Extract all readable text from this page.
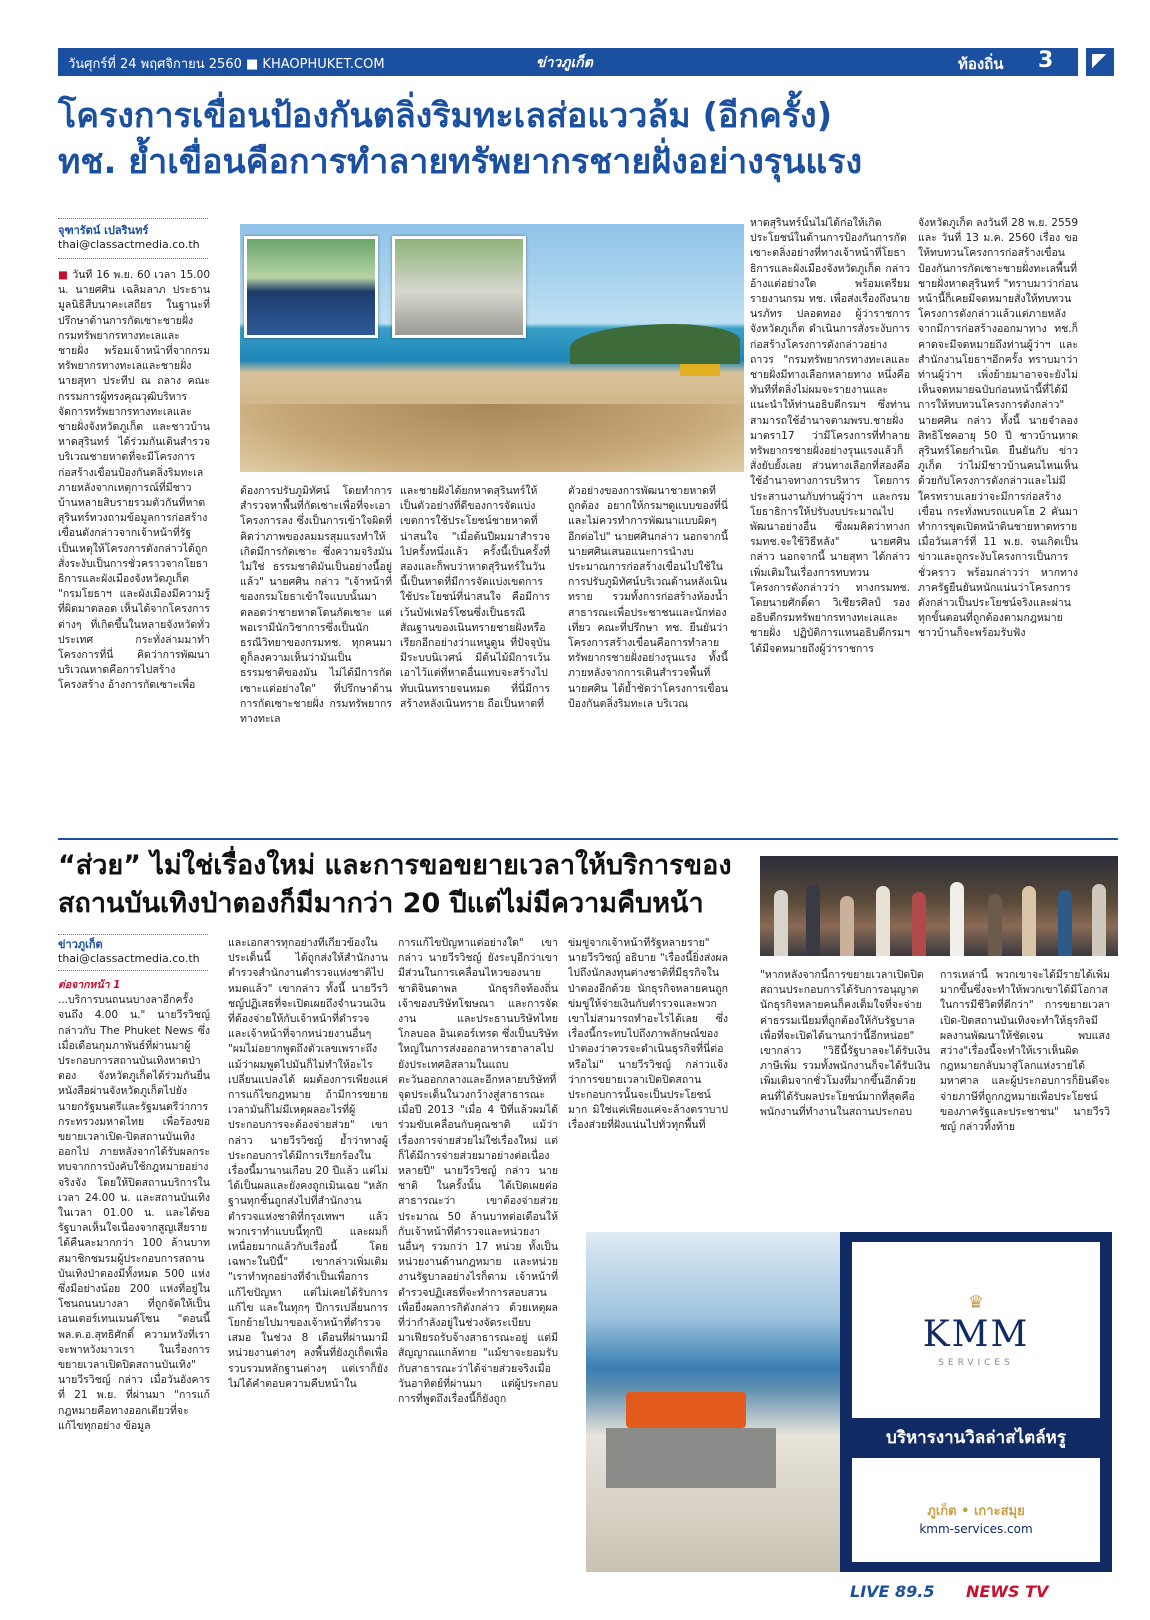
วันศุกร์ที่ 24 พฤศจิกายน 2560 ■ KHAOPHUKET.COM	ข่าวภูเก็ต	ท้องถิ่น 3
โครงการเขื่อนป้องกันตลิ่งริมทะเลส่อแววล้ม (อีกครั้ง)
ทช. ย้ำเขื่อนคือการทำลายทรัพยากรชายฝั่งอย่างรุนแรง
จุฑารัตน์ เปลรินทร์
thai@classactmedia.co.th

■ วันที่ 16 พ.ย. 60 เวลา 15.00 น. นายศศิน เฉลิมลาภ ประธานมูลนิธิสืบนาคะเสถียร ในฐานะที่ปรึกษาด้านการกัดเซาะชายฝั่ง กรมทรัพยากรทางทะเลและชายฝั่ง พร้อมเจ้าหน้าที่จากกรมทรัพยากรทางทะเลและชายฝั่ง นายสุทา ประทีป ณ ถลาง คณะกรรมการผู้ทรงคุณวุฒิบริหารจัดการทรัพยากรทางทะเลและชายฝั่งจังหวัดภูเก็ต และชาวบ้านหาดสุรินทร์ ได้ร่วมกันเดินสำรวจบริเวณชายหาดที่จะมีโครงการก่อสร้างเขื่อนป้องกันตลิ่งริมทะเล ภายหลังจากเหตุการณ์ที่มีชาวบ้านหลายสิบรายรวมตัวกันที่หาดสุรินทร์ทวงถามข้อมูลการก่อสร้างเขื่อนดังกล่าวจากเจ้าหน้าที่รัฐ เป็นเหตุให้โครงการดังกล่าวได้ถูกสั่งระงับเป็นการชั่วคราวจากโยธาธิการและผังเมืองจังหวัดภูเก็ต "กรมโยธาฯ และผังเมืองมีความรู้ที่ผิดมาตลอด เห็นได้จากโครงการต่างๆ ที่เกิดขึ้นในหลายจังหวัดทั่วประเทศ กระทั่งล่ามมาทำโครงการที่นี่ คิดว่าการพัฒนาบริเวณหาดคือการไปสร้างโครงสร้าง อ้างการกัดเซาะเพื่อ

ต้องการปรับภูมิทัศน์ โดยทำการสำรวจหาพื้นที่กัดเซาะเพื่อที่จะเอาโครงการลง ซึ่งเป็นการเข้าใจผิดที่คิดว่าภาพของลมมรสุมแรงทำให้เกิดมีการกัดเซาะ ซึ่งความจริงมันไม่ใช่ ธรรมชาติมันเป็นอย่างนี้อยู่แล้ว" นายศศิน กล่าว "เจ้าหน้าที่ของกรมโยธาเข้าใจแบบนั้นมาตลอดว่าชายหาดโดนกัดเซาะ แต่พอเรามีนักวิชาการซึ่งเป็นนักธรณีวิทยาของกรมทช. ทุกคนมาดูก็ลงความเห็นว่ามันเป็นธรรมชาติของมัน ไม่ได้มีการกัดเซาะแต่อย่างใด" ที่ปรึกษาด้านการกัดเซาะชายฝั่ง กรมทรัพยากรทางทะเล

และชายฝั่งได้ยกหาดสุรินทร์ให้เป็นตัวอย่างที่ดีของการจัดแบ่งเขตการใช้ประโยชน์ชายหาดที่น่าสนใจ "เมื่อต้นปีผมมาสำรวจไปครั้งหนึ่งแล้ว ครั้งนี้เป็นครั้งที่สองและก็พบว่าหาดสุรินทร์ในวันนี้เป็นหาดที่มีการจัดแบ่งเขตการใช้ประโยชน์ที่น่าสนใจ คือมีการเว้นบัฟเฟอร์โซนซึ่งเป็นธรณีสัณฐานของเนินทรายชายฝั่งหรือเรียกอีกอย่างว่าแหนูดูน ที่ปัจจุบันมีระบบนิเวศน์ มีต้นไม้มีการเว้นเอาไว้แต่ที่หาดอื่นแทบจะสร้างไปทับเนินทรายจนหมด ที่นี่มีการสร้างหลังเนินทราย ถือเป็นหาดที่

ตัวอย่างของการพัฒนาชายหาดที่ถูกต้อง อยากให้กรมฯดูแบบของที่นี่และไม่ควรทำการพัฒนาแบบผิดๆ อีกต่อไป" นายศศินกล่าว นอกจากนี้ นายศศินเสนอแนะการนำงบประมาณการก่อสร้างเขื่อนไปใช้ในการปรับภูมิทัศน์บริเวณด้านหลังเนินทราย รวมทั้งการก่อสร้างห้องน้ำสาธารณะเพื่อประชาชนและนักท่องเที่ยว คณะที่ปรึกษา ทช. ยืนยันว่าโครงการสร้างเขื่อนคือการทำลายทรัพยากรชายฝั่งอย่างรุนแรง ทั้งนี้ภายหลังจากการเดินสำรวจพื้นที่ นายศศิน ได้ย้ำชัดว่าโครงการเขื่อนป้องกันตลิ่งริมทะเล บริเวณ

หาดสุรินทร์นั้นไม่ได้ก่อให้เกิดประโยชน์ในด้านการป้องกันการกัดเซาะตลิ่งอย่างที่ทางเจ้าหน้าที่โยธาธิการและผังเมืองจังหวัดภูเก็ต กล่าวอ้างแต่อย่างใด พร้อมเตรียมรายงานกรม ทช. เพื่อส่งเรื่องถึงนายนรภัทร ปลอดทอง ผู้ว่าราชการจังหวัดภูเก็ต ดำเนินการสั่งระงับการก่อสร้างโครงการดังกล่าวอย่างถาวร "กรมทรัพยากรทางทะเลและชายฝั่งมีทางเลือกหลายทาง หนึ่งคือทันทีที่ตลิ่งไม่ผมจะรายงานและแนะนำให้ท่านอธิบดีกรมฯ ซึ่งท่านสามารถใช้อำนาจตามพรบ.ชายฝั่ง มาตรา17 ว่ามีโครงการที่ทำลายทรัพยากรชายฝั่งอย่างรุนแรงแล้วก็สั่งยับยั้งเลย ส่วนทางเลือกที่สองคือใช้อำนาจทางการบริหาร โดยการประสานงานกับท่านผู้ว่าฯ และกรมโยธาธิการให้ปรับงบประมาณไปพัฒนาอย่างอื่น ซึ่งผมคิดว่าทางกรมทช.จะใช้วิธีหลัง" นายศศิน กล่าว นอกจากนี้ นายสุทา ได้กล่าวเพิ่มเติมในเรื่องการทบทวนโครงการดังกล่าวว่า ทางกรมทช. โดยนายศักดิ์ดา วิเชียรศิลป์ รองอธิบดีกรมทรัพยากรทางทะเลและชายฝั่ง ปฏิบัติการแทนอธิบดีกรมฯ ได้มีจดหมายถึงผู้ว่าราชการ

จังหวัดภูเก็ต ลงวันที่ 28 พ.ย. 2559 และ วันที่ 13 ม.ค. 2560 เรื่อง ขอให้ทบทวนโครงการก่อสร้างเขื่อนป้องกันการกัดเซาะชายฝั่งทะเลพื้นที่ชายฝั่งหาดสุรินทร์ "ทราบมาว่าก่อนหน้านี้ก็เคยมีจดหมายสั่งให้ทบทวนโครงการดังกล่าวแล้วแต่ภายหลังจากมีการก่อสร้างออกมาทาง ทช.ก็คาดจะมีจดหมายถึงท่านผู้ว่าฯ และสำนักงานโยธาฯอีกครั้ง ทราบมาว่าท่านผู้ว่าฯ เพิ่งย้ายมาอาจจะยังไม่เห็นจดหมายฉบับก่อนหน้านี้ที่ได้มีการให้ทบทวนโครงการดังกล่าว" นายศศิน กล่าว ทั้งนี้ นายจำลอง สิทธิโชคอายุ 50 ปี ชาวบ้านหาดสุรินทร์โดยกำเนิด ยืนยันกับ ข่าวภูเก็ต ว่าไม่มีชาวบ้านคนไหนเห็นด้วยกับโครงการดังกล่าวและไม่มีใครทราบเลยว่าจะมีการก่อสร้างเขื่อน กระทั่งพบรถแบคโฮ 2 คันมาทำการขุดเปิดหน้าดินชายหาดทรายเมื่อวันเสาร์ที่ 11 พ.ย. จนเกิดเป็นข่าวและถูกระงับโครงการเป็นการชั่วคราว พร้อมกล่าวว่า หากทางภาครัฐยืนยันหนักแน่นว่าโครงการดังกล่าวเป็นประโยชน์จริงและผ่านทุกขั้นตอนที่ถูกต้องตามกฎหมายชาวบ้านก็จะพร้อมรับฟัง

“ส่วย” ไม่ใช่เรื่องใหม่ และการขอขยายเวลาให้บริการของ
สถานบันเทิงป่าตองก็มีมากว่า 20 ปีแต่ไม่มีความคืบหน้า
ข่าวภูเก็ต
thai@classactmedia.co.th

ต่อจากหน้า 1

...บริการบนถนนบางลาอีกครั้งจนถึง 4.00 น." นายวีรวิชญ์ กล่าวกับ The Phuket News ซึ่งเมื่อเดือนกุมภาพันธ์ที่ผ่านมาผู้ประกอบการสถานบันเทิงหาดป่าตอง จังหวัดภูเก็ตได้ร่วมกันยื่นหนังสือผ่านจังหวัดภูเก็ตไปยังนายกรัฐมนตรีและรัฐมนตรีว่าการกระทรวงมหาดไทย เพื่อร้องขอขยายเวลาเปิด-ปิดสถานบันเทิงออกไป ภายหลังจากได้รับผลกระทบจากการบังคับใช้กฎหมายอย่างจริงจัง โดยให้ปิดสถานบริการในเวลา 24.00 น. และสถานบันเทิงในเวลา 01.00 น. และได้ขอรัฐบาลเห็นใจเนื่องจากสูญเสียรายได้คืนละมากกว่า 100 ล้านบาท สมาชิกชมรมผู้ประกอบการสถานบันเทิงป่าตองมีทั้งหมด 500 แห่ง ซึ่งมีอย่างน้อย 200 แห่งที่อยู่ในโซนถนนบางลา ที่ถูกจัดให้เป็นเอนเตอร์เทนเมนต์โซน "ตอนนี้ พล.ต.อ.สุทธิศักดิ์ ความหวังที่เราจะพาหวังมาวเรา ในเรื่องการขยายเวลาเปิดปิดสถานบันเทิง" นายวีรวิชญ์ กล่าว เมื่อวันอังคาร ที่ 21 พ.ย. ที่ผ่านมา "การแก้กฎหมายคือทางออกเดียวที่จะแก้ไขทุกอย่าง ข้อมูล

และเอกสารทุกอย่างที่เกี่ยวข้องในประเด็นนี้ ได้ถูกส่งให้สำนักงานตำรวจสำนักงานตำรวจแห่งชาติไปหมดแล้ว" เขากล่าว ทั้งนี้ นายวีรวิชญ์ปฏิเสธที่จะเปิดเผยถึงจำนวนเงินที่ต้องจ่ายให้กับเจ้าหน้าที่ตำรวจและเจ้าหน้าที่จากหน่วยงานอื่นๆ "ผมไม่อยากพูดถึงตัวเลขเพราะถึงแม้ว่าผมพูดไปมันก็ไม่ทำให้อะไรเปลี่ยนแปลงได้ ผมต้องการเพียงแค่การแก้ไขกฎหมาย ถ้ามีการขยายเวลามันก็ไม่มีเหตุผลอะไรที่ผู้ประกอบการจะต้องจ่ายส่วย" เขากล่าว นายวีรวิชญ์ ย้ำว่าทางผู้ประกอบการได้มีการเรียกร้องในเรื่องนี้มานานเกือบ 20 ปีแล้ว แต่ไม่ได้เป็นผลและยังคงถูกเมินเฉย "หลักฐานทุกชิ้นถูกส่งไปที่สำนักงานตำรวจแห่งชาติที่กรุงเทพฯ แล้ว พวกเราทำแบบนี้ทุกปี และผมก็เหนื่อยมากแล้วกับเรื่องนี้ โดยเฉพาะในปีนี้" เขากล่าวเพิ่มเติม "เราทำทุกอย่างที่จำเป็นเพื่อการแก้ไขปัญหา แต่ไม่เคยได้รับการแก้ไข และในทุกๆ ปีการเปลี่ยนการโยกย้ายไปมาของเจ้าหน้าที่ตำรวจเสมอ ในช่วง 8 เดือนที่ผ่านมามีหน่วยงานต่างๆ ลงพื้นที่ยังภูเก็ตเพื่อรวบรวมหลักฐานต่างๆ แต่เราก็ยังไม่ได้คำตอบความคืบหน้าใน

การแก้ไขปัญหาแต่อย่างใด" เขากล่าว นายวีรวิชญ์ ยังระบุอีกว่าเขามีส่วนในการเคลื่อนไหวของนายชาติจินดาพล นักธุรกิจท้องถิ่น เจ้าของบริษัทโฆษณา และการจัดงาน และประธานบริษัทไทย โกลบอล อินเตอร์เทรด ซึ่งเป็นบริษัทใหญ่ในการส่งออกอาหารฮาลาลไปยังประเทศอิสลามในแถบตะวันออกกลางและอีกหลายบริษัทที่จุดประเด็นในวงกว้างสู่สาธารณะเมื่อปี 2013 "เมื่อ 4 ปีที่แล้วผมได้ร่วมขับเคลื่อนกับคุณชาติ แม้ว่าเรื่องการจ่ายส่วยไม่ใช่เรื่องใหม่ แต่ก็ได้มีการจ่ายส่วยมาอย่างต่อเนื่องหลายปี" นายวีรวิชญ์ กล่าว นายชาติ ในครั้งนั้น ได้เปิดเผยต่อสาธารณะว่า เขาต้องจ่ายส่วยประมาณ 50 ล้านบาทต่อเดือนให้กับเจ้าหน้าที่ตำรวจและหน่วยงานอื่นๆ รวมกว่า 17 หน่วย ทั้งเป็นหน่วยงานด้านกฎหมาย และหน่วยงานรัฐบาลอย่างไรก็ตาม เจ้าหน้าที่ตำรวจปฏิเสธที่จะทำการสอบสวนเพื่อยื่งผลการกิดังกล่าว ด้วยเหตุผลที่ว่ากำลังอยู่ในช่วงจัดระเบียบมาเฟียรถรับจ้างสาธารณะอยู่ แต่มีสัญญาณแกล้ทาย "แม้ขาจะยอมรับกับสาธารณะว่าได้จ่ายส่วยจริงเมื่อวันอาทิตย์ที่ผ่านมา แต่ผู้ประกอบการที่พูดถึงเรื่องนี้ก็ยังถูก

ข่มขู่จากเจ้าหน้าที่รัฐหลายราย" นายวีรวิชญ์ อธิบาย "เรื่องนี้ยิ่งส่งผลไปถึงนักลงทุนต่างชาติที่มีธุรกิจในป่าตองอีกด้วย นักธุรกิจหลายคนถูกข่มขู่ให้จ่ายเงินกับตำรวจและพวกเขาไม่สามารถทำอะไรได้เลย ซึ่งเรื่องนี้กระทบไปถึงภาพลักษณ์ของป่าตองว่าควรจะดำเนินธุรกิจที่นี่ต่อหรือไม่" นายวีรวิชญ์ กล่าวแจ้งว่าการขยายเวลาเปิดปิดสถานประกอบการนั้นจะเป็นประโยชน์มาก มิใช่แค่เพียงแค่จะล้างตราบาปเรื่องส่วยที่ฝังแน่นไปทั่วทุกพื้นที่

"หากหลังจากนี้การขยายเวลาเปิดปิดสถานประกอบการได้รับการอนุญาต นักธุรกิจหลายคนก็คงเต็มใจที่จะจ่ายค่าธรรมเนียมที่ถูกต้องให้กับรัฐบาลเพื่อที่จะเปิดได้นานกว่านี้อีกหน่อย" เขากล่าว "วิธีนี้รัฐบาลจะได้รับเงินภาษีเพิ่ม รวมทั้งพนักงานก็จะได้รับเงินเพิ่มเติมจากชั่วโมงที่มากขึ้นอีกด้วย คนที่ได้รับผลประโยชน์มากที่สุดคือพนักงานที่ทำงานในสถานประกอบ

การเหล่านี้ พวกเขาจะได้มีรายได้เพิ่มมากขึ้นซึ่งจะทำให้พวกเขาได้มีโอกาสในการมีชีวิตที่ดีกว่า" การขยายเวลาเปิด-ปิดสถานบันเทิงจะทำให้ธุรกิจมีผลงานพัฒนาให้ชัดเจน พบแสงสว่าง"เรื่องนี้จะทำให้เราเห็นผิดกฎหมายกลับมาสู่โลกแห่งรายได้มหาศาล และผู้ประกอบการก็ยินดีจะจ่ายภาษีที่ถูกกฎหมายเพื่อประโยชน์ของภาครัฐและประชาชน" นายวีรวิชญ์ กล่าวทิ้งท้าย

♛
KMM
SERVICES
บริหารงานวิลล่าสไตล์หรู
ภูเก็ต • เกาะสมุย
kmm-services.com
LIVE 89.5 NEWS TV
